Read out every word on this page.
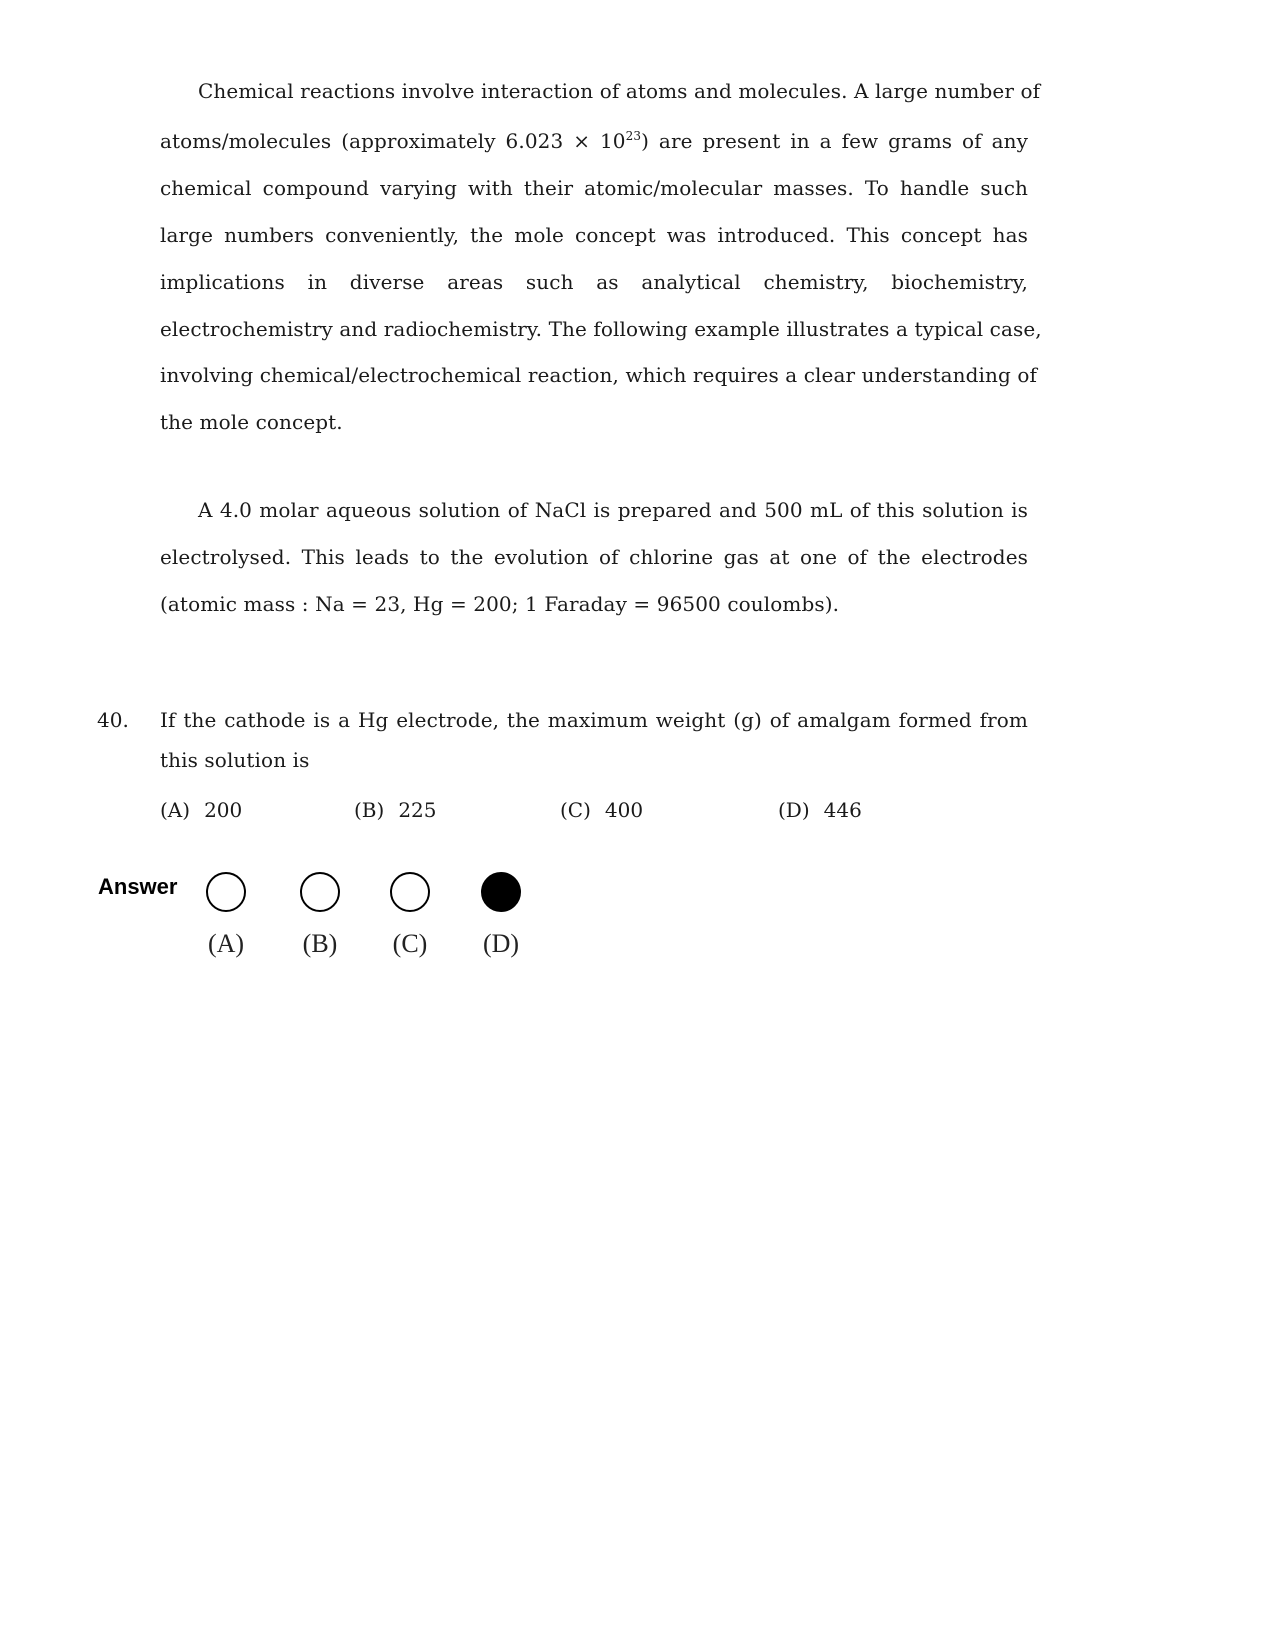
Chemical reactions involve interaction of atoms and molecules. A large number of
atoms/molecules (approximately $6.023 \times 10^{23}$) are present in a few grams of any
chemical compound varying with their atomic/molecular masses. To handle such
large numbers conveniently, the mole concept was introduced. This concept has
implications in diverse areas such as analytical chemistry, biochemistry,
electrochemistry and radiochemistry. The following example illustrates a typical case,
involving chemical/electrochemical reaction, which requires a clear understanding of
the mole concept.
A 4.0 molar aqueous solution of NaCl is prepared and 500 mL of this solution is
electrolysed. This leads to the evolution of chlorine gas at one of the electrodes
(atomic mass : Na = 23, Hg = 200; 1 Faraday = 96500 coulombs).
40. If the cathode is a Hg electrode, the maximum weight (g) of amalgam formed from
this solution is
(A) 200	(B) 225	(C) 400	(D) 446
Answer
(A)	(B)	(C)	(D)
